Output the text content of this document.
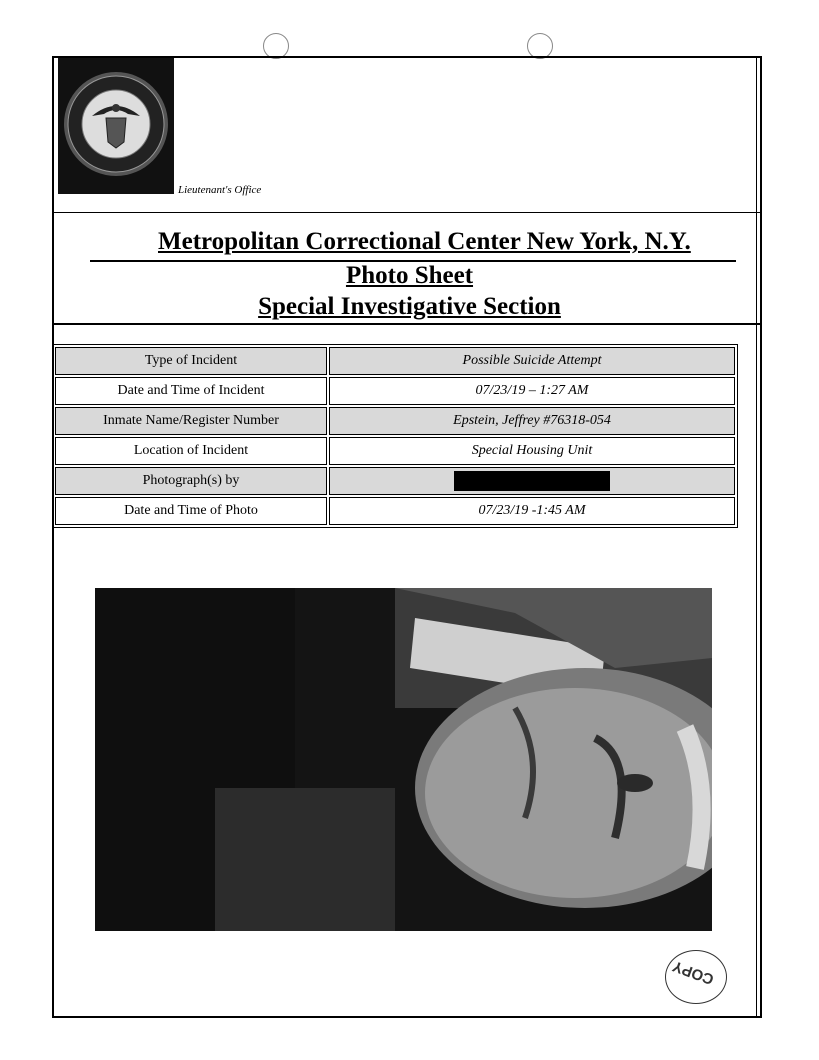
Lieutenant's Office
Metropolitan Correctional Center New York, N.Y.
Photo Sheet
Special Investigative Section
Type of Incident	Possible Suicide Attempt
Date and Time of Incident	07/23/19 – 1:27 AM
Inmate Name/Register Number	Epstein, Jeffrey #76318-054
Location of Incident	Special Housing Unit
Photograph(s) by	
Date and Time of Photo	07/23/19 -1:45 AM
COPY
